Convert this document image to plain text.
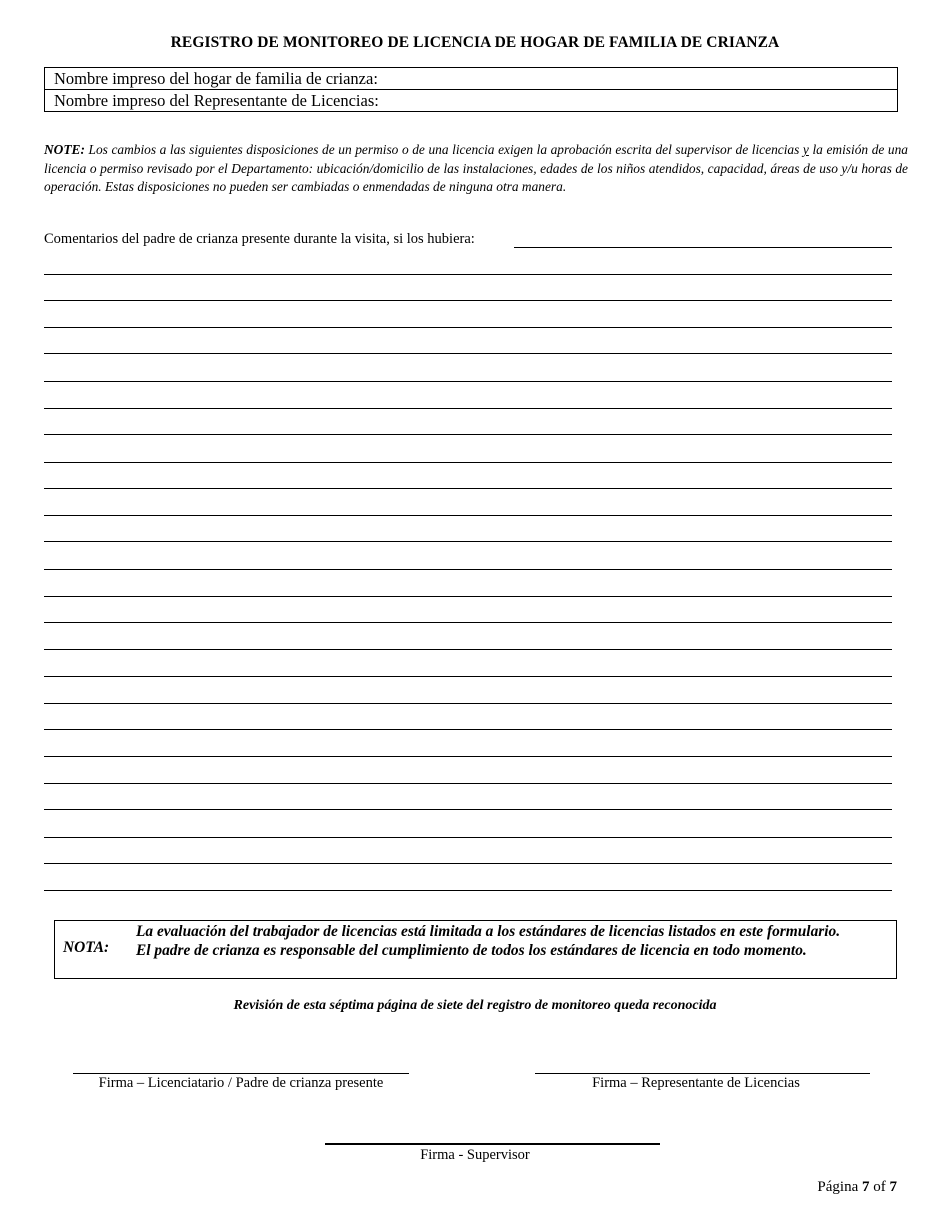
REGISTRO DE MONITOREO DE LICENCIA DE HOGAR DE FAMILIA DE CRIANZA
Nombre impreso del hogar de familia de crianza:
Nombre impreso del Representante de Licencias:
NOTE: Los cambios a las siguientes disposiciones de un permiso o de una licencia exigen la aprobación escrita del supervisor de licencias y la emisión de una licencia o permiso revisado por el Departamento: ubicación/domicilio de las instalaciones, edades de los niños atendidos, capacidad, áreas de uso y/u horas de operación. Estas disposiciones no pueden ser cambiadas o enmendadas de ninguna otra manera.
Comentarios del padre de crianza presente durante la visita, si los hubiera:
NOTA:
La evaluación del trabajador de licencias está limitada a los estándares de licencias listados en este formulario.
El padre de crianza es responsable del cumplimiento de todos los estándares de licencia en todo momento.
Revisión de esta séptima página de siete del registro de monitoreo queda reconocida
Firma – Licenciatario / Padre de crianza presente	Firma – Representante de Licencias
Firma - Supervisor
Página 7 of 7
